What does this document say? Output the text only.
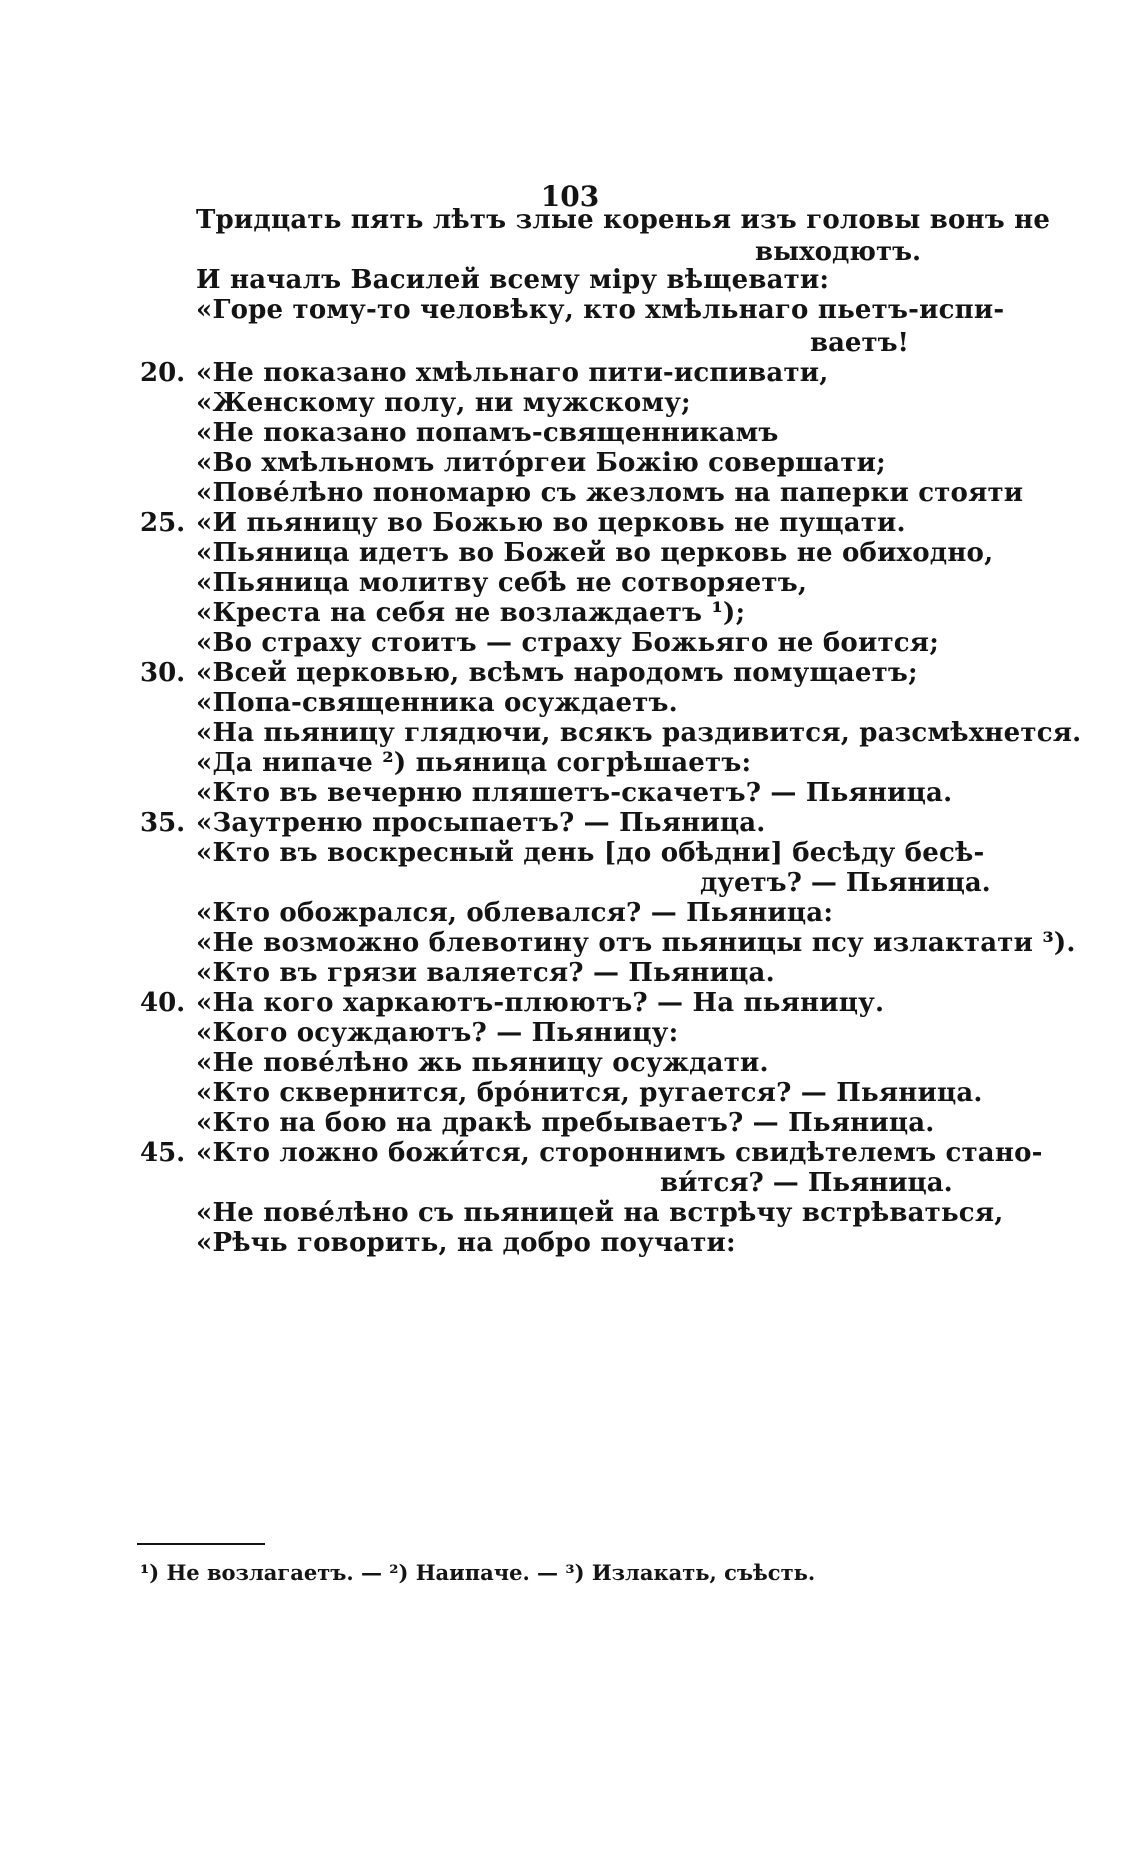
103
Тридцать пять лѣтъ злые коренья изъ головы вонъ не
выходютъ.
И началъ Василей всему міру вѣщевати:
«Горе тому-то человѣку, кто хмѣльнаго пьетъ-испи-
ваетъ!
20. «Не показано хмѣльнаго пити-испивати,
«Женскому полу, ни мужскому;
«Не показано попамъ-священникамъ
«Во хмѣльномъ литóргеи Божію совершати;
«Повéлѣно пономарю съ жезломъ на паперки стояти
25. «И пьяницу во Божью во церковь не пущати.
«Пьяница идетъ во Божей во церковь не обиходно,
«Пьяница молитву себѣ не сотворяетъ,
«Креста на себя не возлаждаетъ ¹);
«Во страху стоитъ — страху Божьяго не боится;
30. «Всей церковью, всѣмъ народомъ помущаетъ;
«Попа-священника осуждаетъ.
«На пьяницу глядючи, всякъ раздивится, разсмѣхнется.
«Да нипаче ²) пьяница согрѣшаетъ:
«Кто въ вечерню пляшетъ-скачетъ? — Пьяница.
35. «Заутреню просыпаетъ? — Пьяница.
«Кто въ воскресный день [до обѣдни] бесѣду бесѣ-
дуетъ? — Пьяница.
«Кто обожрался, облевался? — Пьяница:
«Не возможно блевотину отъ пьяницы псу излактати ³).
«Кто въ грязи валяется? — Пьяница.
40. «На кого харкаютъ-плюютъ? — На пьяницу.
«Кого осуждаютъ? — Пьяницу:
«Не повéлѣно жь пьяницу осуждати.
«Кто сквернится, брóнится, ругается? — Пьяница.
«Кто на бою на дракѣ пребываетъ? — Пьяница.
45. «Кто ложно божи́тся, стороннимъ свидѣтелемъ стано-
ви́тся? — Пьяница.
«Не повéлѣно съ пьяницей на встрѣчу встрѣваться,
«Рѣчь говорить, на добро поучати:
¹) Не возлагаетъ. — ²) Наипаче. — ³) Излакать, съѣсть.
